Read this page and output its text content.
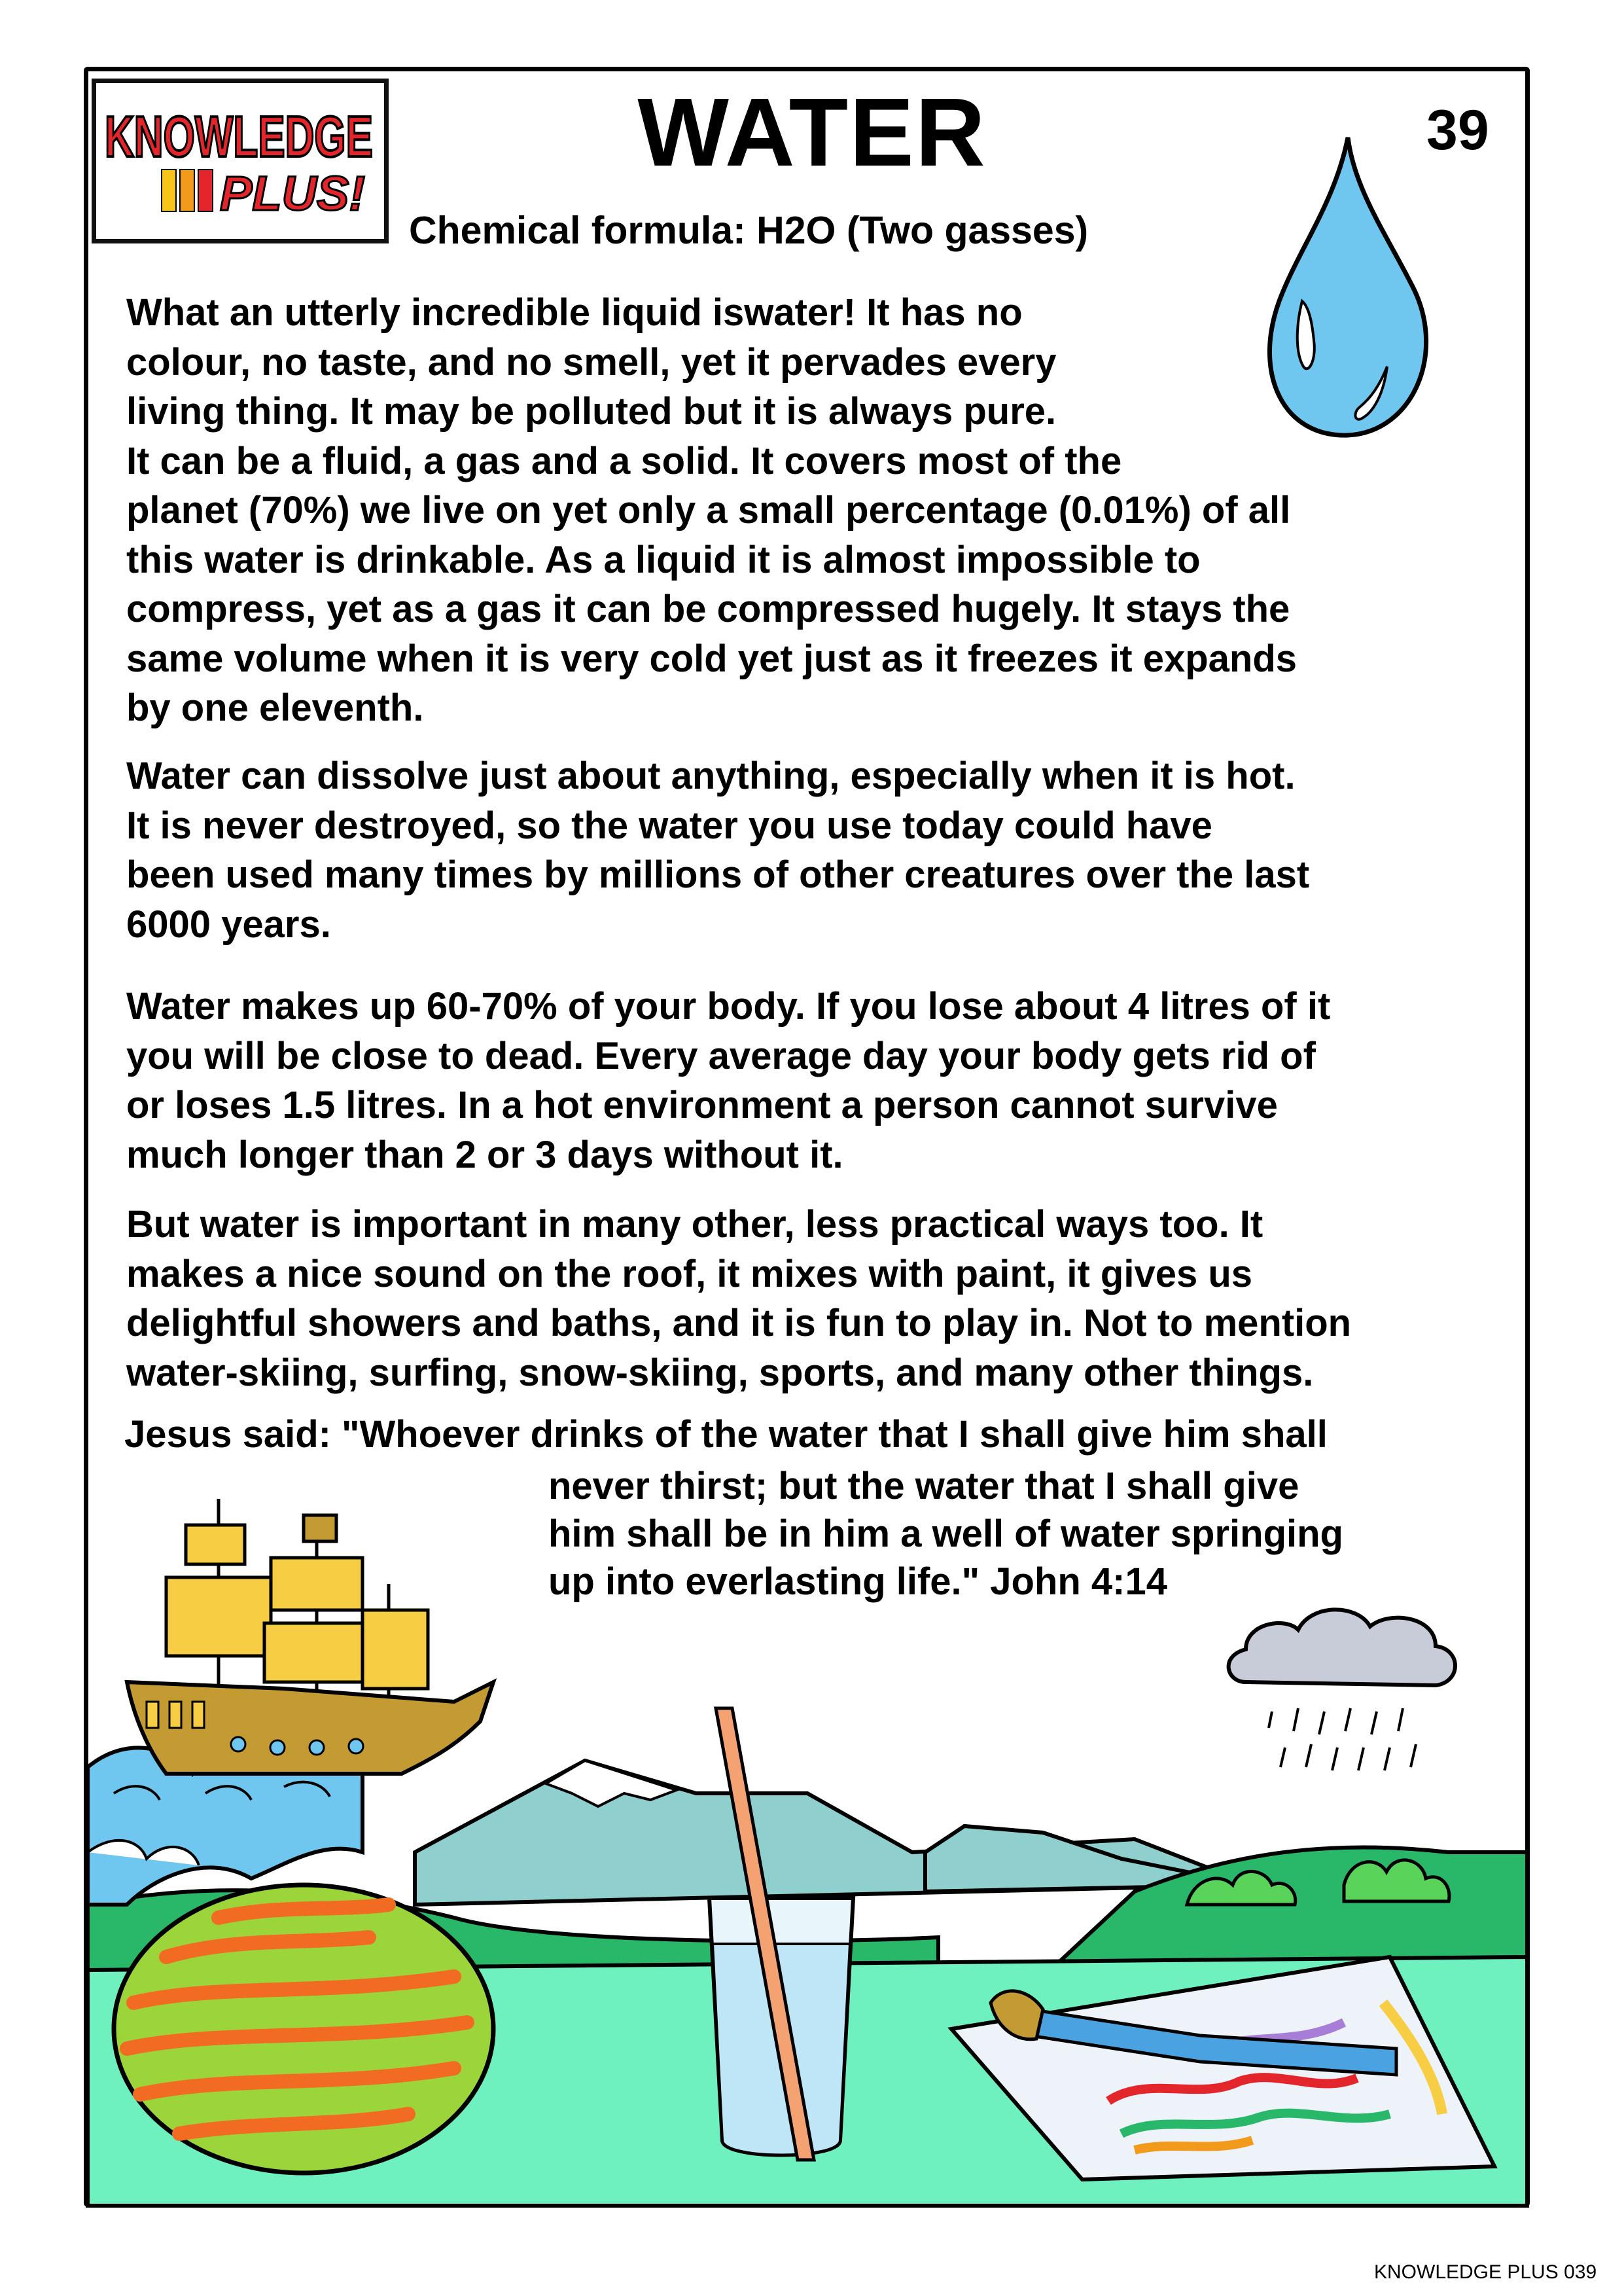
KNOWLEDGE
PLUS!
WATER	39
Chemical formula: H2O (Two gasses)
What an utterly incredible liquid iswater! It has no
colour, no taste, and no smell, yet it pervades every
living thing. It may be polluted but it is always pure.
It can be a fluid, a gas and a solid. It covers most of the
planet (70%) we live on yet only a small percentage (0.01%) of all
this water is drinkable. As a liquid it is almost impossible to
compress, yet as a gas it can be compressed hugely. It stays the
same volume when it is very cold yet just as it freezes it expands
by one eleventh.
Water can dissolve just about anything, especially when it is hot.
It is never destroyed, so the water you use today could have
been used many times by millions of other creatures over the last
6000 years.
Water makes up 60-70% of your body. If you lose about 4 litres of it
you will be close to dead. Every average day your body gets rid of
or loses 1.5 litres. In a hot environment a person cannot survive
much longer than 2 or 3 days without it.
But water is important in many other, less practical ways too. It
makes a nice sound on the roof, it mixes with paint, it gives us
delightful showers and baths, and it is fun to play in. Not to mention
water-skiing, surfing, snow-skiing, sports, and many other things.
Jesus said: "Whoever drinks of the water that I shall give him shall
never thirst; but the water that I shall give
him shall be in him a well of water springing
up into everlasting life." John 4:14
KNOWLEDGE PLUS 039
